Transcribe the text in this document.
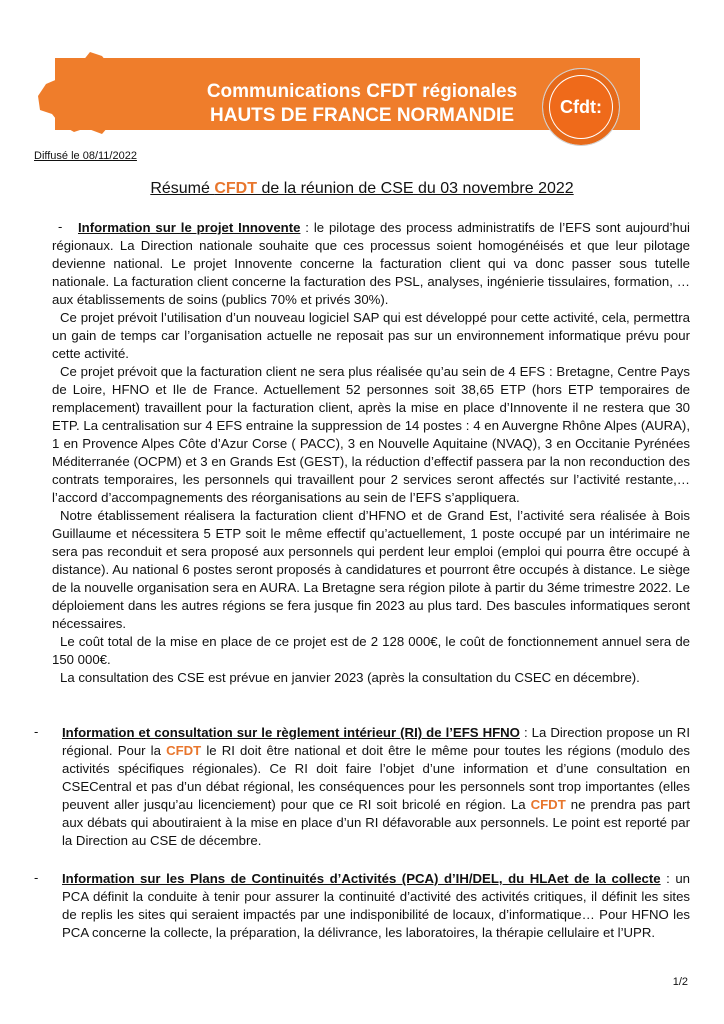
Communications CFDT régionales
HAUTS DE FRANCE NORMANDIE	Cfdt:
Diffusé le 08/11/2022
Résumé CFDT de la réunion de CSE du 03 novembre 2022
-	Information sur le projet Innovente : le pilotage des process administratifs de l’EFS sont aujourd’hui régionaux. La Direction nationale souhaite que ces processus soient homogénéisés et que leur pilotage devienne national. Le projet Innovente concerne la facturation client qui va donc passer sous tutelle nationale. La facturation client concerne la facturation des PSL, analyses, ingénierie tissulaires, formation, … aux établissements de soins (publics 70% et privés 30%).

Ce projet prévoit l’utilisation d’un nouveau logiciel SAP qui est développé pour cette activité, cela, permettra un gain de temps car l’organisation actuelle ne reposait pas sur un environnement informatique prévu pour cette activité.

Ce projet prévoit que la facturation client ne sera plus réalisée qu’au sein de 4 EFS : Bretagne, Centre Pays de Loire, HFNO et Ile de France. Actuellement 52 personnes soit 38,65 ETP (hors ETP temporaires de remplacement) travaillent pour la facturation client, après la mise en place d’Innovente il ne restera que 30 ETP. La centralisation sur 4 EFS entraine la suppression de 14 postes : 4 en Auvergne Rhône Alpes (AURA), 1 en Provence Alpes Côte d’Azur Corse ( PACC), 3 en Nouvelle Aquitaine (NVAQ), 3 en Occitanie Pyrénées Méditerranée (OCPM) et 3 en Grands Est (GEST), la réduction d’effectif passera par la non reconduction des contrats temporaires, les personnels qui travaillent pour 2 services seront affectés sur l’activité restante,… l’accord d’accompagnements des réorganisations au sein de l’EFS s’appliquera.

Notre établissement réalisera la facturation client d’HFNO et de Grand Est, l’activité sera réalisée à Bois Guillaume et nécessitera 5 ETP soit le même effectif qu’actuellement, 1 poste occupé par un intérimaire ne sera pas reconduit et sera proposé aux personnels qui perdent leur emploi (emploi qui pourra être occupé à distance). Au national 6 postes seront proposés à candidatures et pourront être occupés à distance. Le siège de la nouvelle organisation sera en AURA. La Bretagne sera région pilote à partir du 3éme trimestre 2022. Le déploiement dans les autres régions se fera jusque fin 2023 au plus tard. Des bascules informatiques seront nécessaires.

Le coût total de la mise en place de ce projet est de 2 128 000€, le coût de fonctionnement annuel sera de 150 000€.

La consultation des CSE est prévue en janvier 2023 (après la consultation du CSEC en décembre).

- Information et consultation sur le règlement intérieur (RI) de l’EFS HFNO : La Direction propose un RI régional. Pour la CFDT le RI doit être national et doit être le même pour toutes les régions (modulo des activités spécifiques régionales). Ce RI doit faire l’objet d’une information et d’une consultation en CSECentral et pas d’un débat régional, les conséquences pour les personnels sont trop importantes (elles peuvent aller jusqu’au licenciement) pour que ce RI soit bricolé en région. La CFDT ne prendra pas part aux débats qui aboutiraient à la mise en place d’un RI défavorable aux personnels. Le point est reporté par la Direction au CSE de décembre.

- Information sur les Plans de Continuités d’Activités (PCA) d’IH/DEL, du HLAet de la collecte : un PCA définit la conduite à tenir pour assurer la continuité d’activité des activités critiques, il définit les sites de replis les sites qui seraient impactés par une indisponibilité de locaux, d’informatique… Pour HFNO les PCA concerne la collecte, la préparation, la délivrance, les laboratoires, la thérapie cellulaire et l’UPR.

1/2
